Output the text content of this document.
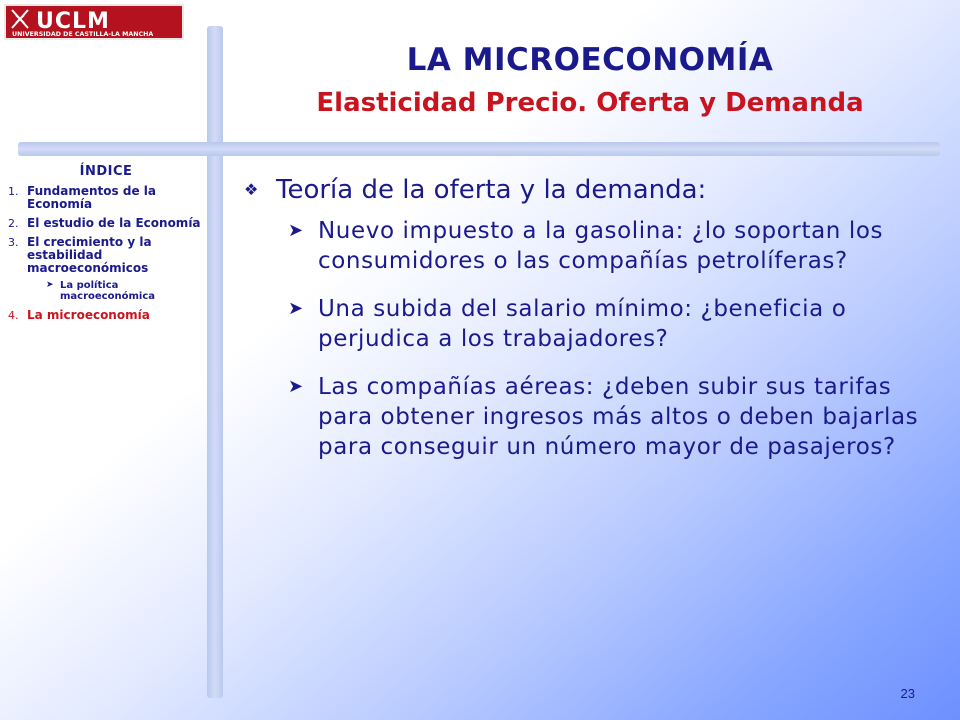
UCLM
UNIVERSIDAD DE CASTILLA-LA MANCHA
LA MICROECONOMÍA
Elasticidad Precio. Oferta y Demanda
ÍNDICE
1. Fundamentos de la Economía
2. El estudio de la Economía
3. El crecimiento y la estabilidad macroeconómicos
➤ La política macroeconómica
4. La microeconomía
❖ Teoría de la oferta y la demanda:
➤ Nuevo impuesto a la gasolina: ¿lo soportan los consumidores o las compañías petrolíferas?
➤ Una subida del salario mínimo: ¿beneficia o perjudica a los trabajadores?
➤ Las compañías aéreas: ¿deben subir sus tarifas para obtener ingresos más altos o deben bajarlas para conseguir un número mayor de pasajeros?
23
